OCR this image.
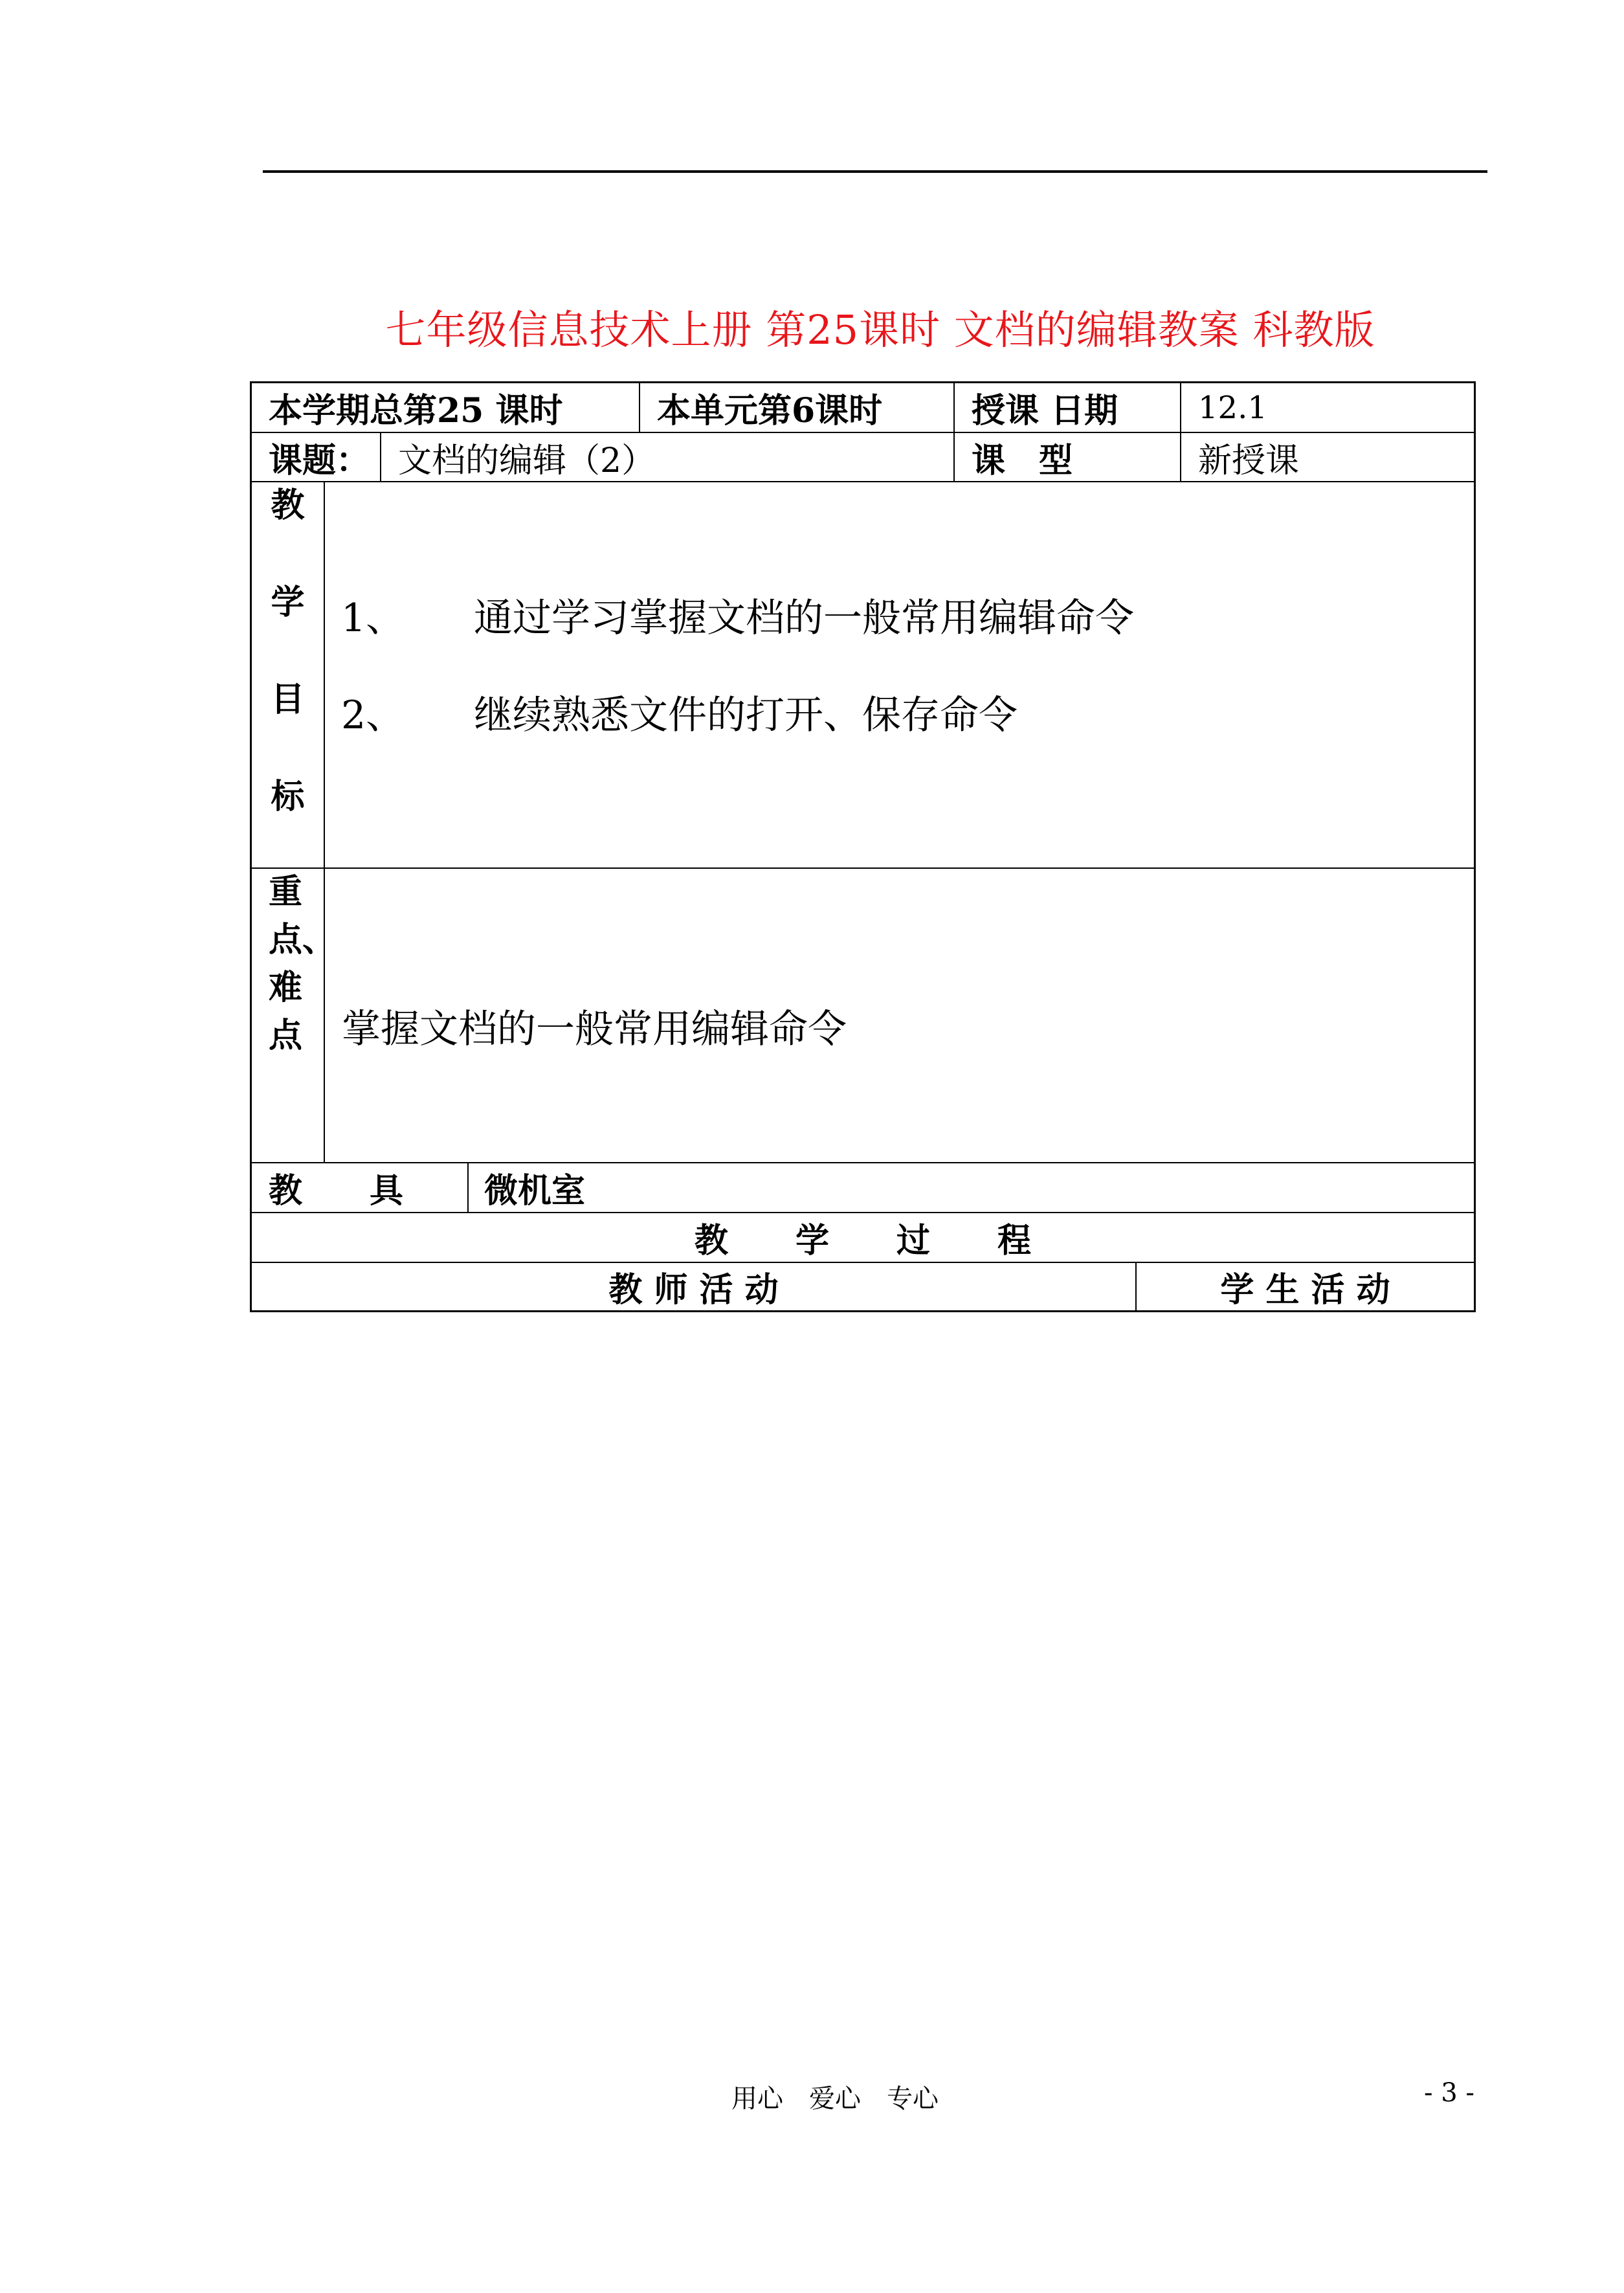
七年级信息技术上册 第25课时 文档的编辑教案 科教版
本学期总第25 课时	本单元第6课时	授课 日期	12.1
课题： 文档的编辑（2）	课　型	新授课
教
学
目
标
1、	通过学习掌握文档的一般常用编辑命令
2、	继续熟悉文件的打开、保存命令
重
点、
难
点 掌握文档的一般常用编辑命令
教　　具 微机室
教　　学　　过　　程
教 师 活 动	学 生 活 动
用心　爱心　专心	- 3 -
